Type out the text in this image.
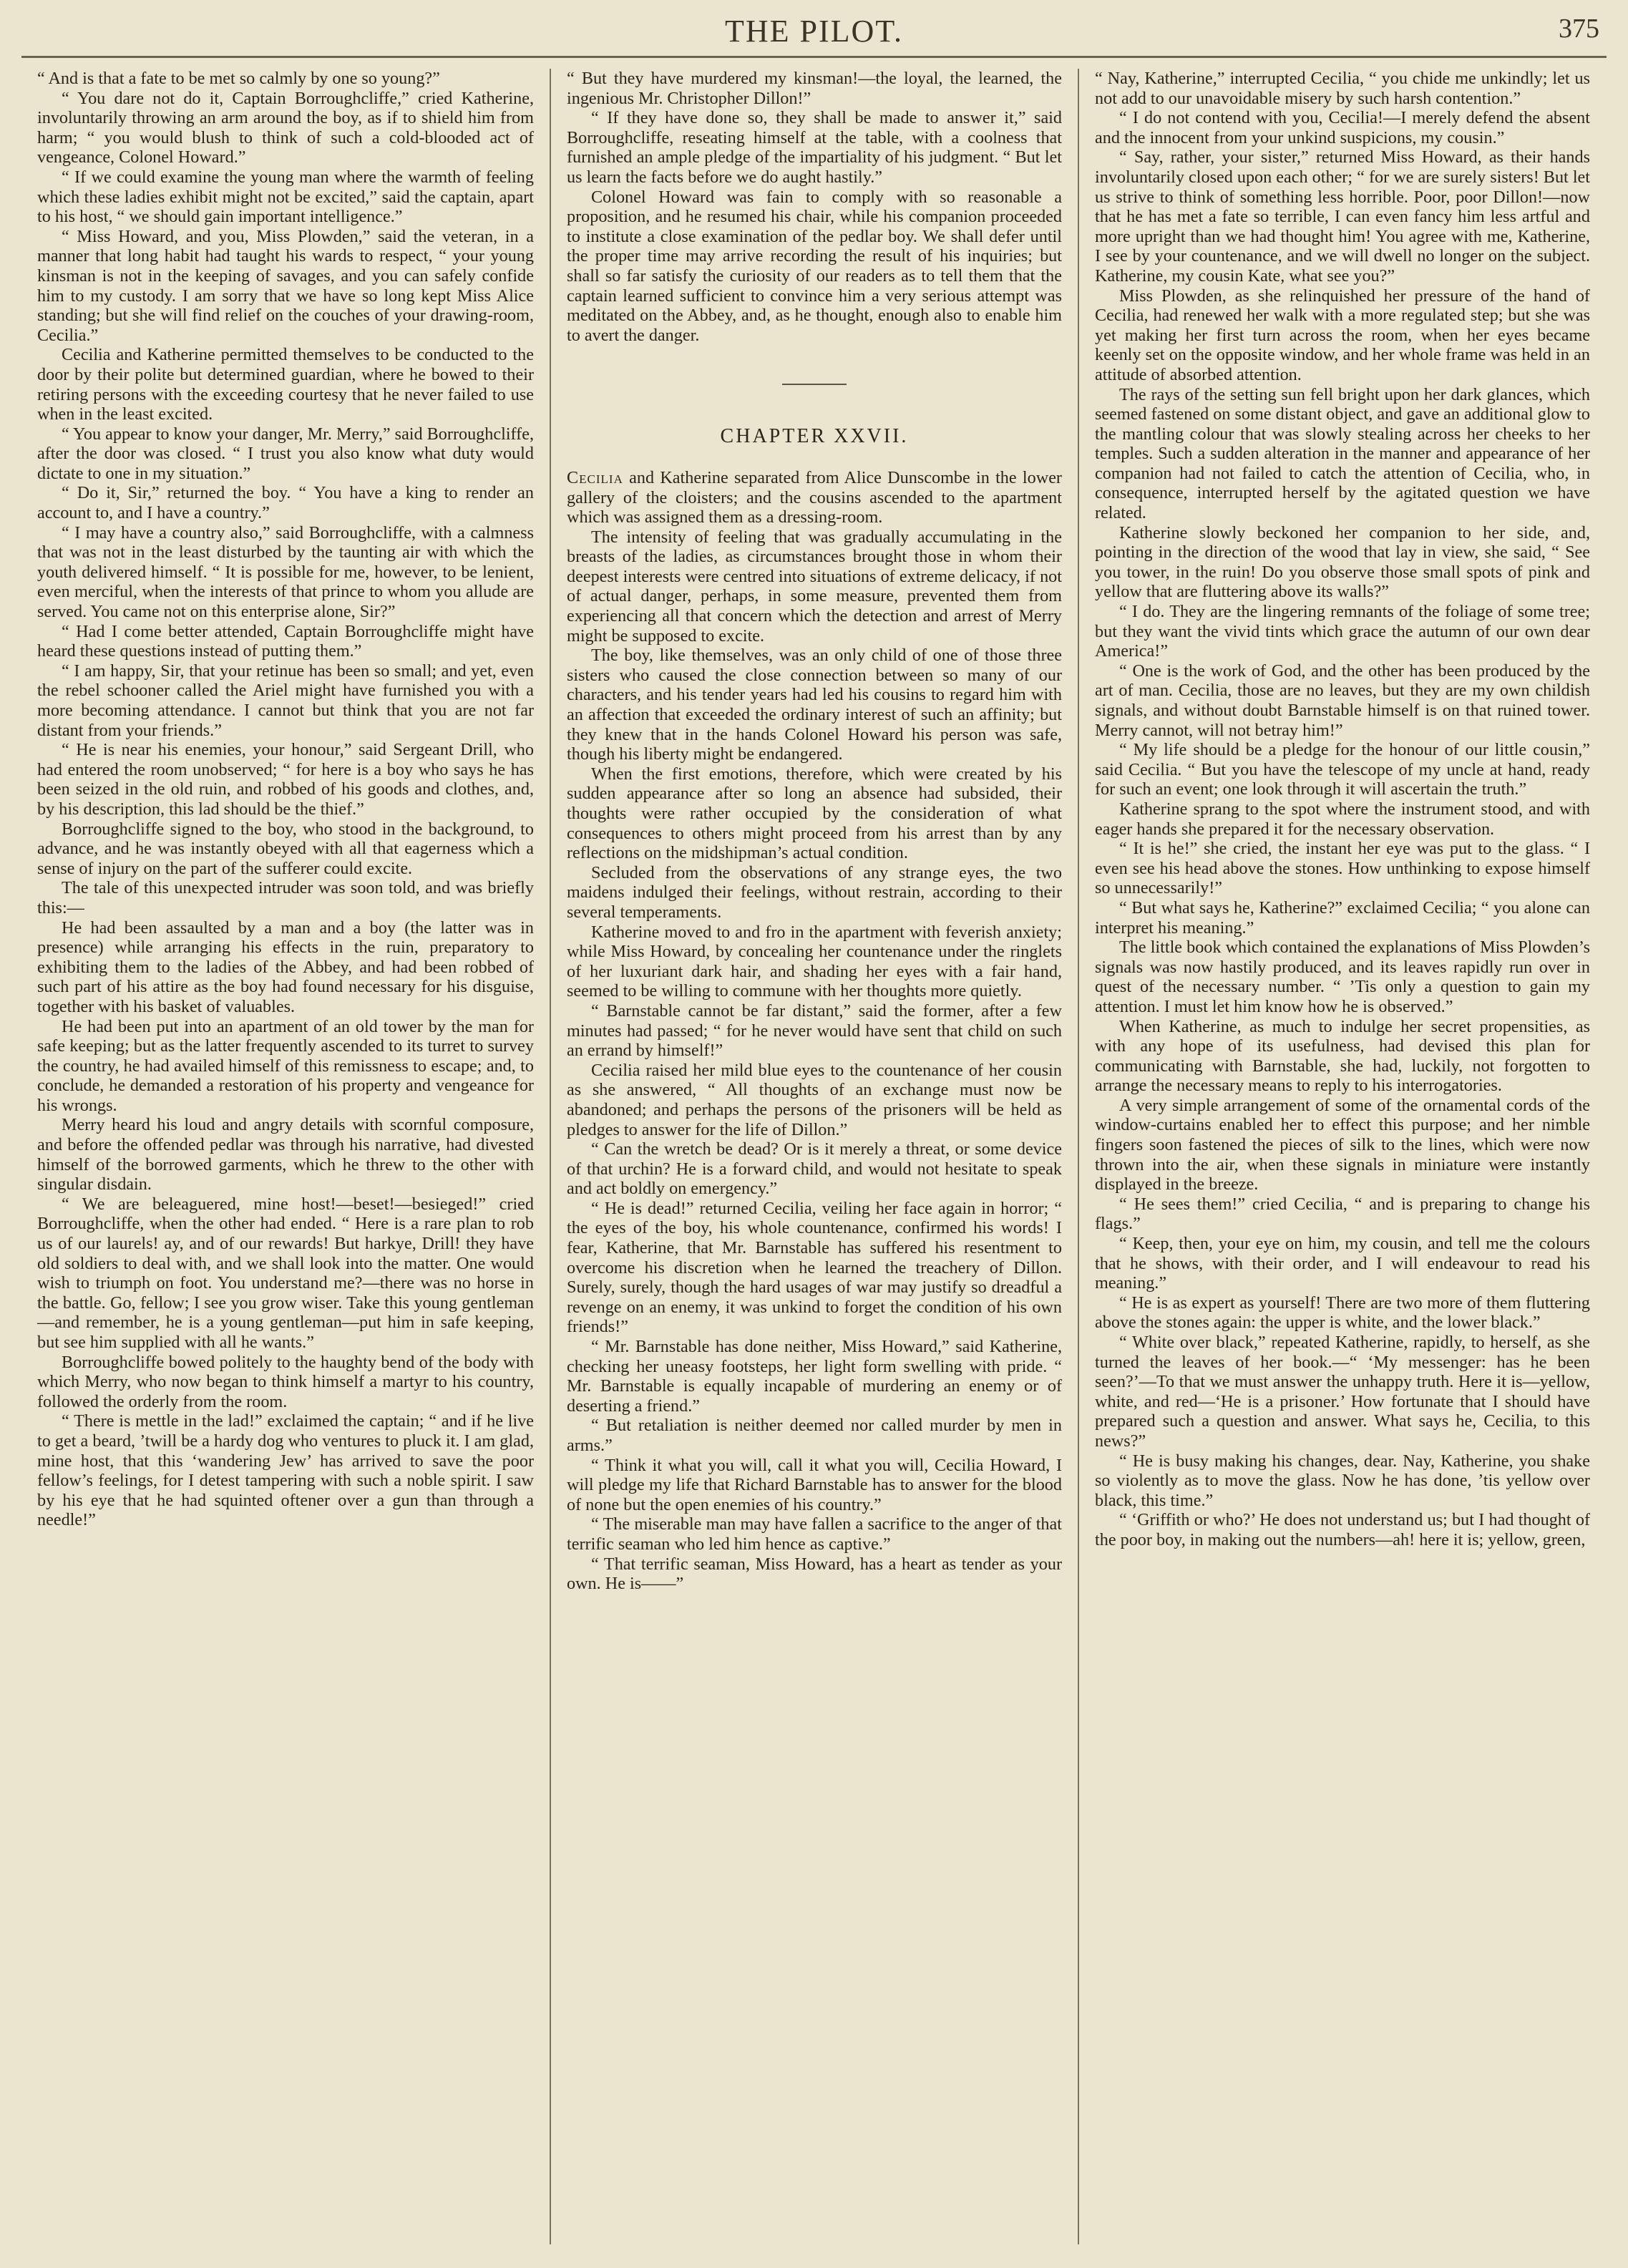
THE PILOT.	375

“ And is that a fate to be met so calmly by one so young?”

“ You dare not do it, Captain Borroughcliffe,” cried Katherine, involuntarily throwing an arm around the boy, as if to shield him from harm; “ you would blush to think of such a cold-blooded act of vengeance, Colonel Howard.”

“ If we could examine the young man where the warmth of feeling which these ladies exhibit might not be excited,” said the captain, apart to his host, “ we should gain important intelligence.”

“ Miss Howard, and you, Miss Plowden,” said the veteran, in a manner that long habit had taught his wards to respect, “ your young kinsman is not in the keeping of savages, and you can safely confide him to my custody. I am sorry that we have so long kept Miss Alice standing; but she will find relief on the couches of your drawing-room, Cecilia.”

Cecilia and Katherine permitted themselves to be conducted to the door by their polite but determined guardian, where he bowed to their retiring persons with the exceeding courtesy that he never failed to use when in the least excited.

“ You appear to know your danger, Mr. Merry,” said Borroughcliffe, after the door was closed. “ I trust you also know what duty would dictate to one in my situation.”

“ Do it, Sir,” returned the boy. “ You have a king to render an account to, and I have a country.”

“ I may have a country also,” said Borroughcliffe, with a calmness that was not in the least disturbed by the taunting air with which the youth delivered himself. “ It is possible for me, however, to be lenient, even merciful, when the interests of that prince to whom you allude are served. You came not on this enterprise alone, Sir?”

“ Had I come better attended, Captain Borroughcliffe might have heard these questions instead of putting them.”

“ I am happy, Sir, that your retinue has been so small; and yet, even the rebel schooner called the Ariel might have furnished you with a more becoming attendance. I cannot but think that you are not far distant from your friends.”

“ He is near his enemies, your honour,” said Sergeant Drill, who had entered the room unobserved; “ for here is a boy who says he has been seized in the old ruin, and robbed of his goods and clothes, and, by his description, this lad should be the thief.”

Borroughcliffe signed to the boy, who stood in the background, to advance, and he was instantly obeyed with all that eagerness which a sense of injury on the part of the sufferer could excite.

The tale of this unexpected intruder was soon told, and was briefly this:—

He had been assaulted by a man and a boy (the latter was in presence) while arranging his effects in the ruin, preparatory to exhibiting them to the ladies of the Abbey, and had been robbed of such part of his attire as the boy had found necessary for his disguise, together with his basket of valuables.

He had been put into an apartment of an old tower by the man for safe keeping; but as the latter frequently ascended to its turret to survey the country, he had availed himself of this remissness to escape; and, to conclude, he demanded a restoration of his property and vengeance for his wrongs.

Merry heard his loud and angry details with scornful composure, and before the offended pedlar was through his narrative, had divested himself of the borrowed garments, which he threw to the other with singular disdain.

“ We are beleaguered, mine host!—beset!—besieged!” cried Borroughcliffe, when the other had ended. “ Here is a rare plan to rob us of our laurels! ay, and of our rewards! But harkye, Drill! they have old soldiers to deal with, and we shall look into the matter. One would wish to triumph on foot. You understand me?—there was no horse in the battle. Go, fellow; I see you grow wiser. Take this young gentleman—and remember, he is a young gentleman—put him in safe keeping, but see him supplied with all he wants.”

Borroughcliffe bowed politely to the haughty bend of the body with which Merry, who now began to think himself a martyr to his country, followed the orderly from the room.

“ There is mettle in the lad!” exclaimed the captain; “ and if he live to get a beard, ’twill be a hardy dog who ventures to pluck it. I am glad, mine host, that this ‘wandering Jew’ has arrived to save the poor fellow’s feelings, for I detest tampering with such a noble spirit. I saw by his eye that he had squinted oftener over a gun than through a needle!”

“ But they have murdered my kinsman!—the loyal, the learned, the ingenious Mr. Christopher Dillon!”

“ If they have done so, they shall be made to answer it,” said Borroughcliffe, reseating himself at the table, with a coolness that furnished an ample pledge of the impartiality of his judgment. “ But let us learn the facts before we do aught hastily.”

Colonel Howard was fain to comply with so reasonable a proposition, and he resumed his chair, while his companion proceeded to institute a close examination of the pedlar boy. We shall defer until the proper time may arrive recording the result of his inquiries; but shall so far satisfy the curiosity of our readers as to tell them that the captain learned sufficient to convince him a very serious attempt was meditated on the Abbey, and, as he thought, enough also to enable him to avert the danger.

CHAPTER XXVII.

Cecilia and Katherine separated from Alice Dunscombe in the lower gallery of the cloisters; and the cousins ascended to the apartment which was assigned them as a dressing-room.

The intensity of feeling that was gradually accumulating in the breasts of the ladies, as circumstances brought those in whom their deepest interests were centred into situations of extreme delicacy, if not of actual danger, perhaps, in some measure, prevented them from experiencing all that concern which the detection and arrest of Merry might be supposed to excite.

The boy, like themselves, was an only child of one of those three sisters who caused the close connection between so many of our characters, and his tender years had led his cousins to regard him with an affection that exceeded the ordinary interest of such an affinity; but they knew that in the hands Colonel Howard his person was safe, though his liberty might be endangered.

When the first emotions, therefore, which were created by his sudden appearance after so long an absence had subsided, their thoughts were rather occupied by the consideration of what consequences to others might proceed from his arrest than by any reflections on the midshipman’s actual condition.

Secluded from the observations of any strange eyes, the two maidens indulged their feelings, without restrain, according to their several temperaments.

Katherine moved to and fro in the apartment with feverish anxiety; while Miss Howard, by concealing her countenance under the ringlets of her luxuriant dark hair, and shading her eyes with a fair hand, seemed to be willing to commune with her thoughts more quietly.

“ Barnstable cannot be far distant,” said the former, after a few minutes had passed; “ for he never would have sent that child on such an errand by himself!”

Cecilia raised her mild blue eyes to the countenance of her cousin as she answered, “ All thoughts of an exchange must now be abandoned; and perhaps the persons of the prisoners will be held as pledges to answer for the life of Dillon.”

“ Can the wretch be dead? Or is it merely a threat, or some device of that urchin? He is a forward child, and would not hesitate to speak and act boldly on emergency.”

“ He is dead!” returned Cecilia, veiling her face again in horror; “ the eyes of the boy, his whole countenance, confirmed his words! I fear, Katherine, that Mr. Barnstable has suffered his resentment to overcome his discretion when he learned the treachery of Dillon. Surely, surely, though the hard usages of war may justify so dreadful a revenge on an enemy, it was unkind to forget the condition of his own friends!”

“ Mr. Barnstable has done neither, Miss Howard,” said Katherine, checking her uneasy footsteps, her light form swelling with pride. “ Mr. Barnstable is equally incapable of murdering an enemy or of deserting a friend.”

“ But retaliation is neither deemed nor called murder by men in arms.”

“ Think it what you will, call it what you will, Cecilia Howard, I will pledge my life that Richard Barnstable has to answer for the blood of none but the open enemies of his country.”

“ The miserable man may have fallen a sacrifice to the anger of that terrific seaman who led him hence as captive.”

“ That terrific seaman, Miss Howard, has a heart as tender as your own. He is——”

“ Nay, Katherine,” interrupted Cecilia, “ you chide me unkindly; let us not add to our unavoidable misery by such harsh contention.”

“ I do not contend with you, Cecilia!—I merely defend the absent and the innocent from your unkind suspicions, my cousin.”

“ Say, rather, your sister,” returned Miss Howard, as their hands involuntarily closed upon each other; “ for we are surely sisters! But let us strive to think of something less horrible. Poor, poor Dillon!—now that he has met a fate so terrible, I can even fancy him less artful and more upright than we had thought him! You agree with me, Katherine, I see by your countenance, and we will dwell no longer on the subject. Katherine, my cousin Kate, what see you?”

Miss Plowden, as she relinquished her pressure of the hand of Cecilia, had renewed her walk with a more regulated step; but she was yet making her first turn across the room, when her eyes became keenly set on the opposite window, and her whole frame was held in an attitude of absorbed attention.

The rays of the setting sun fell bright upon her dark glances, which seemed fastened on some distant object, and gave an additional glow to the mantling colour that was slowly stealing across her cheeks to her temples. Such a sudden alteration in the manner and appearance of her companion had not failed to catch the attention of Cecilia, who, in consequence, interrupted herself by the agitated question we have related.

Katherine slowly beckoned her companion to her side, and, pointing in the direction of the wood that lay in view, she said, “ See you tower, in the ruin! Do you observe those small spots of pink and yellow that are fluttering above its walls?”

“ I do. They are the lingering remnants of the foliage of some tree; but they want the vivid tints which grace the autumn of our own dear America!”

“ One is the work of God, and the other has been produced by the art of man. Cecilia, those are no leaves, but they are my own childish signals, and without doubt Barnstable himself is on that ruined tower. Merry cannot, will not betray him!”

“ My life should be a pledge for the honour of our little cousin,” said Cecilia. “ But you have the telescope of my uncle at hand, ready for such an event; one look through it will ascertain the truth.”

Katherine sprang to the spot where the instrument stood, and with eager hands she prepared it for the necessary observation.

“ It is he!” she cried, the instant her eye was put to the glass. “ I even see his head above the stones. How unthinking to expose himself so unnecessarily!”

“ But what says he, Katherine?” exclaimed Cecilia; “ you alone can interpret his meaning.”

The little book which contained the explanations of Miss Plowden’s signals was now hastily produced, and its leaves rapidly run over in quest of the necessary number. “ ’Tis only a question to gain my attention. I must let him know how he is observed.”

When Katherine, as much to indulge her secret propensities, as with any hope of its usefulness, had devised this plan for communicating with Barnstable, she had, luckily, not forgotten to arrange the necessary means to reply to his interrogatories.

A very simple arrangement of some of the ornamental cords of the window-curtains enabled her to effect this purpose; and her nimble fingers soon fastened the pieces of silk to the lines, which were now thrown into the air, when these signals in miniature were instantly displayed in the breeze.

“ He sees them!” cried Cecilia, “ and is preparing to change his flags.”

“ Keep, then, your eye on him, my cousin, and tell me the colours that he shows, with their order, and I will endeavour to read his meaning.”

“ He is as expert as yourself! There are two more of them fluttering above the stones again: the upper is white, and the lower black.”

“ White over black,” repeated Katherine, rapidly, to herself, as she turned the leaves of her book.—“ ‘My messenger: has he been seen?’—To that we must answer the unhappy truth. Here it is—yellow, white, and red—‘He is a prisoner.’ How fortunate that I should have prepared such a question and answer. What says he, Cecilia, to this news?”

“ He is busy making his changes, dear. Nay, Katherine, you shake so violently as to move the glass. Now he has done, ’tis yellow over black, this time.”

“ ‘Griffith or who?’ He does not understand us; but I had thought of the poor boy, in making out the numbers—ah! here it is; yellow, green,
